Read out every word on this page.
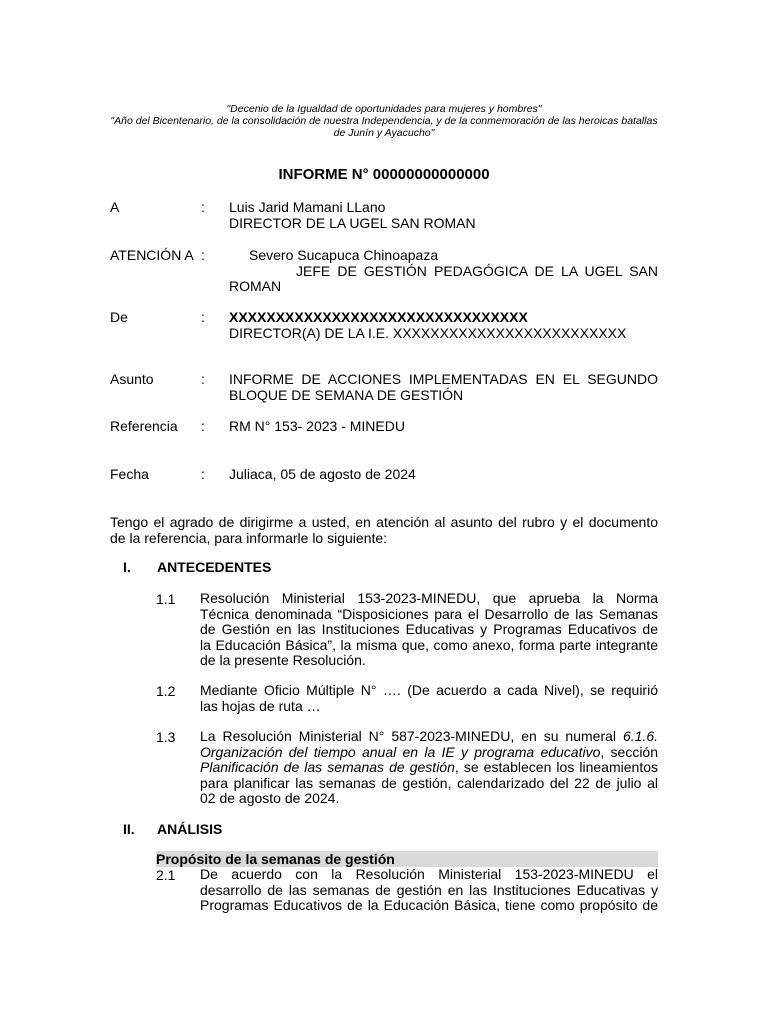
"Decenio de la Igualdad de oportunidades para mujeres y hombres"
"Año del Bicentenario, de la consolidación de nuestra Independencia, y de la conmemoración de las heroicas batallas
de Junín y Ayacucho"
INFORME N° 00000000000000
A	: Luis Jarid Mamani LLano
DIRECTOR DE LA UGEL SAN ROMAN
ATENCIÓN A :	Severo Sucapuca Chinoapaza
JEFE DE GESTIÓN PEDAGÓGICA DE LA UGEL SAN
ROMAN
De	: XXXXXXXXXXXXXXXXXXXXXXXXXXXXXXXX
DIRECTOR(A) DE LA I.E. XXXXXXXXXXXXXXXXXXXXXXXXX
Asunto	: INFORME DE ACCIONES IMPLEMENTADAS EN EL SEGUNDO
BLOQUE DE SEMANA DE GESTIÓN
Referencia : RM N° 153- 2023 - MINEDU
Fecha	: Juliaca, 05 de agosto de 2024
Tengo el agrado de dirigirme a usted, en atención al asunto del rubro y el documento
de la referencia, para informarle lo siguiente:
I. ANTECEDENTES
1.1 Resolución Ministerial 153-2023-MINEDU, que aprueba la Norma
Técnica denominada “Disposiciones para el Desarrollo de las Semanas
de Gestión en las Instituciones Educativas y Programas Educativos de
la Educación Básica”, la misma que, como anexo, forma parte integrante
de la presente Resolución.
1.2 Mediante Oficio Múltiple N° …. (De acuerdo a cada Nivel), se requirió
las hojas de ruta …
1.3 La Resolución Ministerial N° 587-2023-MINEDU, en su numeral 6.1.6.
Organización del tiempo anual en la IE y programa educativo, sección
Planificación de las semanas de gestión, se establecen los lineamientos
para planificar las semanas de gestión, calendarizado del 22 de julio al
02 de agosto de 2024.
II. ANÁLISIS
Propósito de la semanas de gestión
2.1 De acuerdo con la Resolución Ministerial 153-2023-MINEDU el
desarrollo de las semanas de gestión en las Instituciones Educativas y
Programas Educativos de la Educación Básica, tiene como propósito de
